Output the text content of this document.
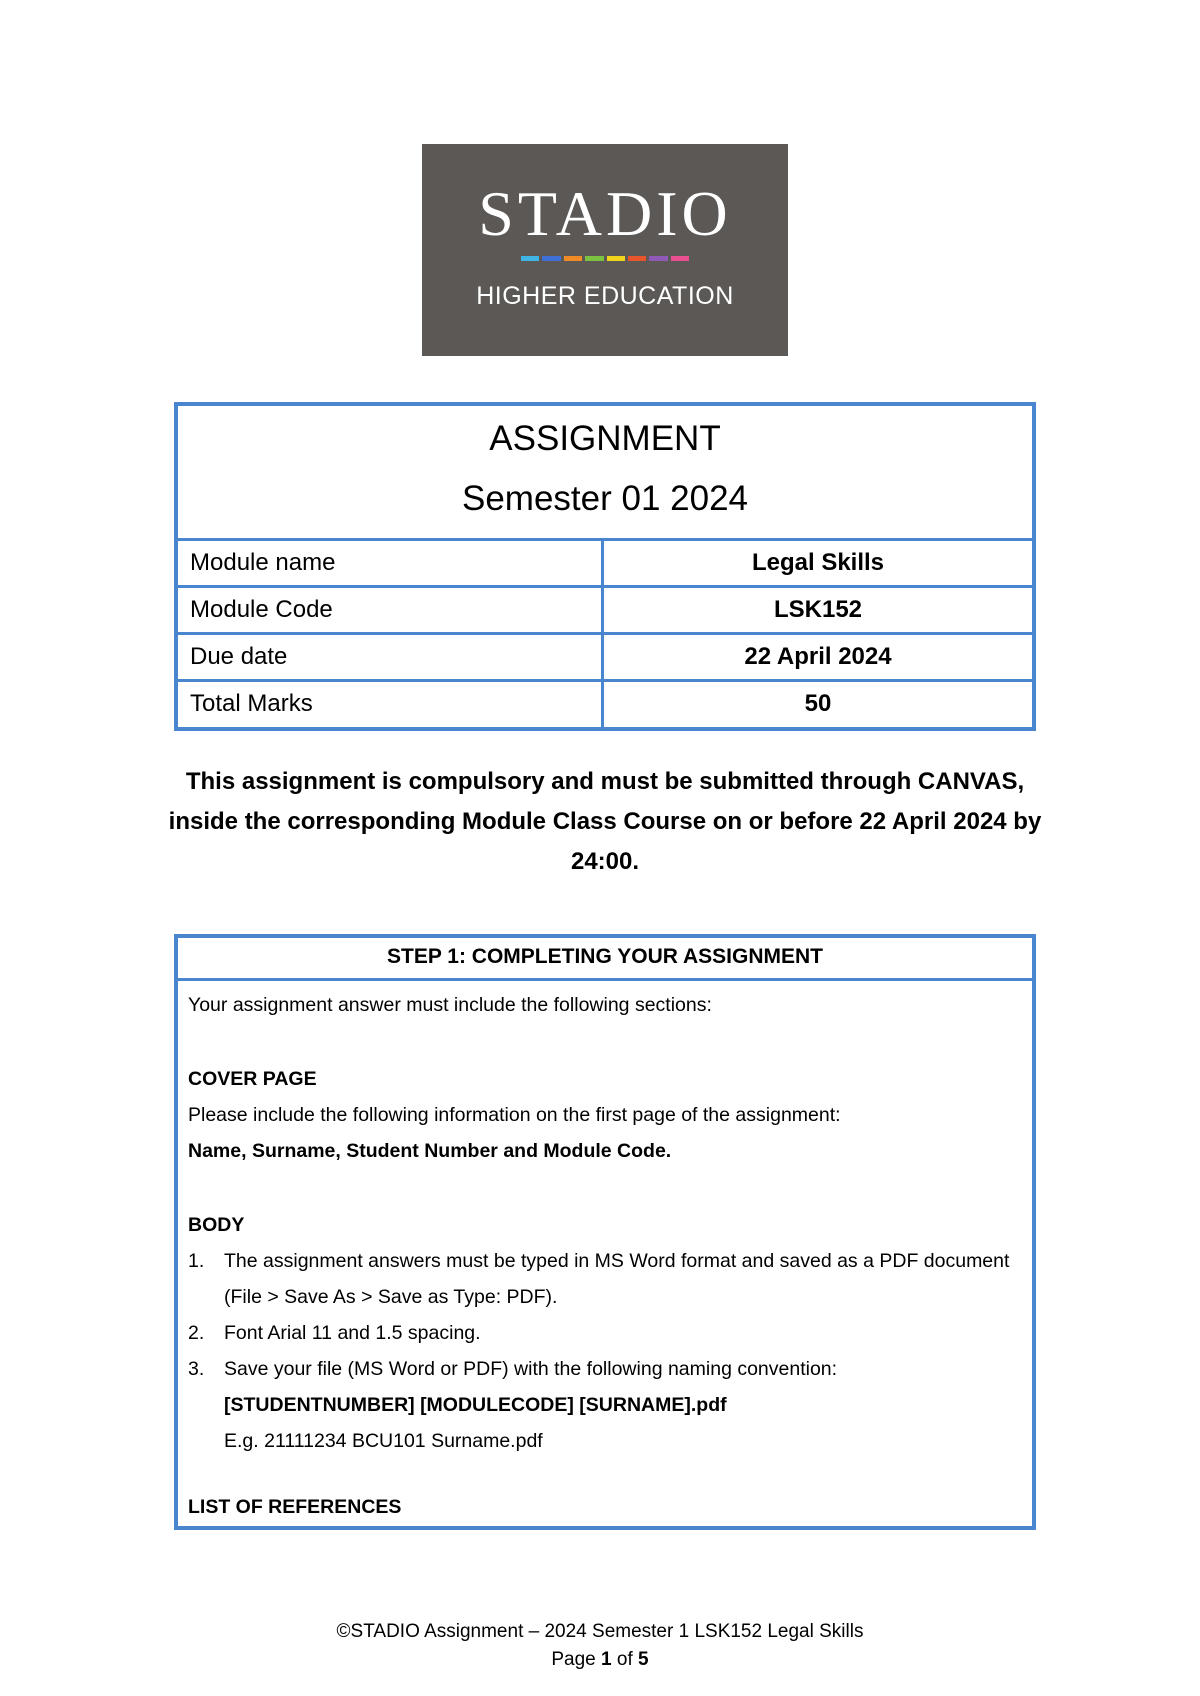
STADIO
HIGHER EDUCATION
ASSIGNMENT
Semester 01 2024
Module name	Legal Skills
Module Code	LSK152
Due date	22 April 2024
Total Marks	50
This assignment is compulsory and must be submitted through CANVAS, inside the corresponding Module Class Course on or before 22 April 2024 by 24:00.
STEP 1: COMPLETING YOUR ASSIGNMENT

Your assignment answer must include the following sections:

COVER PAGE

Please include the following information on the first page of the assignment:

Name, Surname, Student Number and Module Code.

BODY

1.	The assignment answers must be typed in MS Word format and saved as a PDF document (File > Save As > Save as Type: PDF).
2.	Font Arial 11 and 1.5 spacing.
3.	Save your file (MS Word or PDF) with the following naming convention:
[STUDENTNUMBER] [MODULECODE] [SURNAME].pdf
E.g. 21111234 BCU101 Surname.pdf

LIST OF REFERENCES

©STADIO Assignment – 2024 Semester 1 LSK152 Legal Skills
Page 1 of 5
